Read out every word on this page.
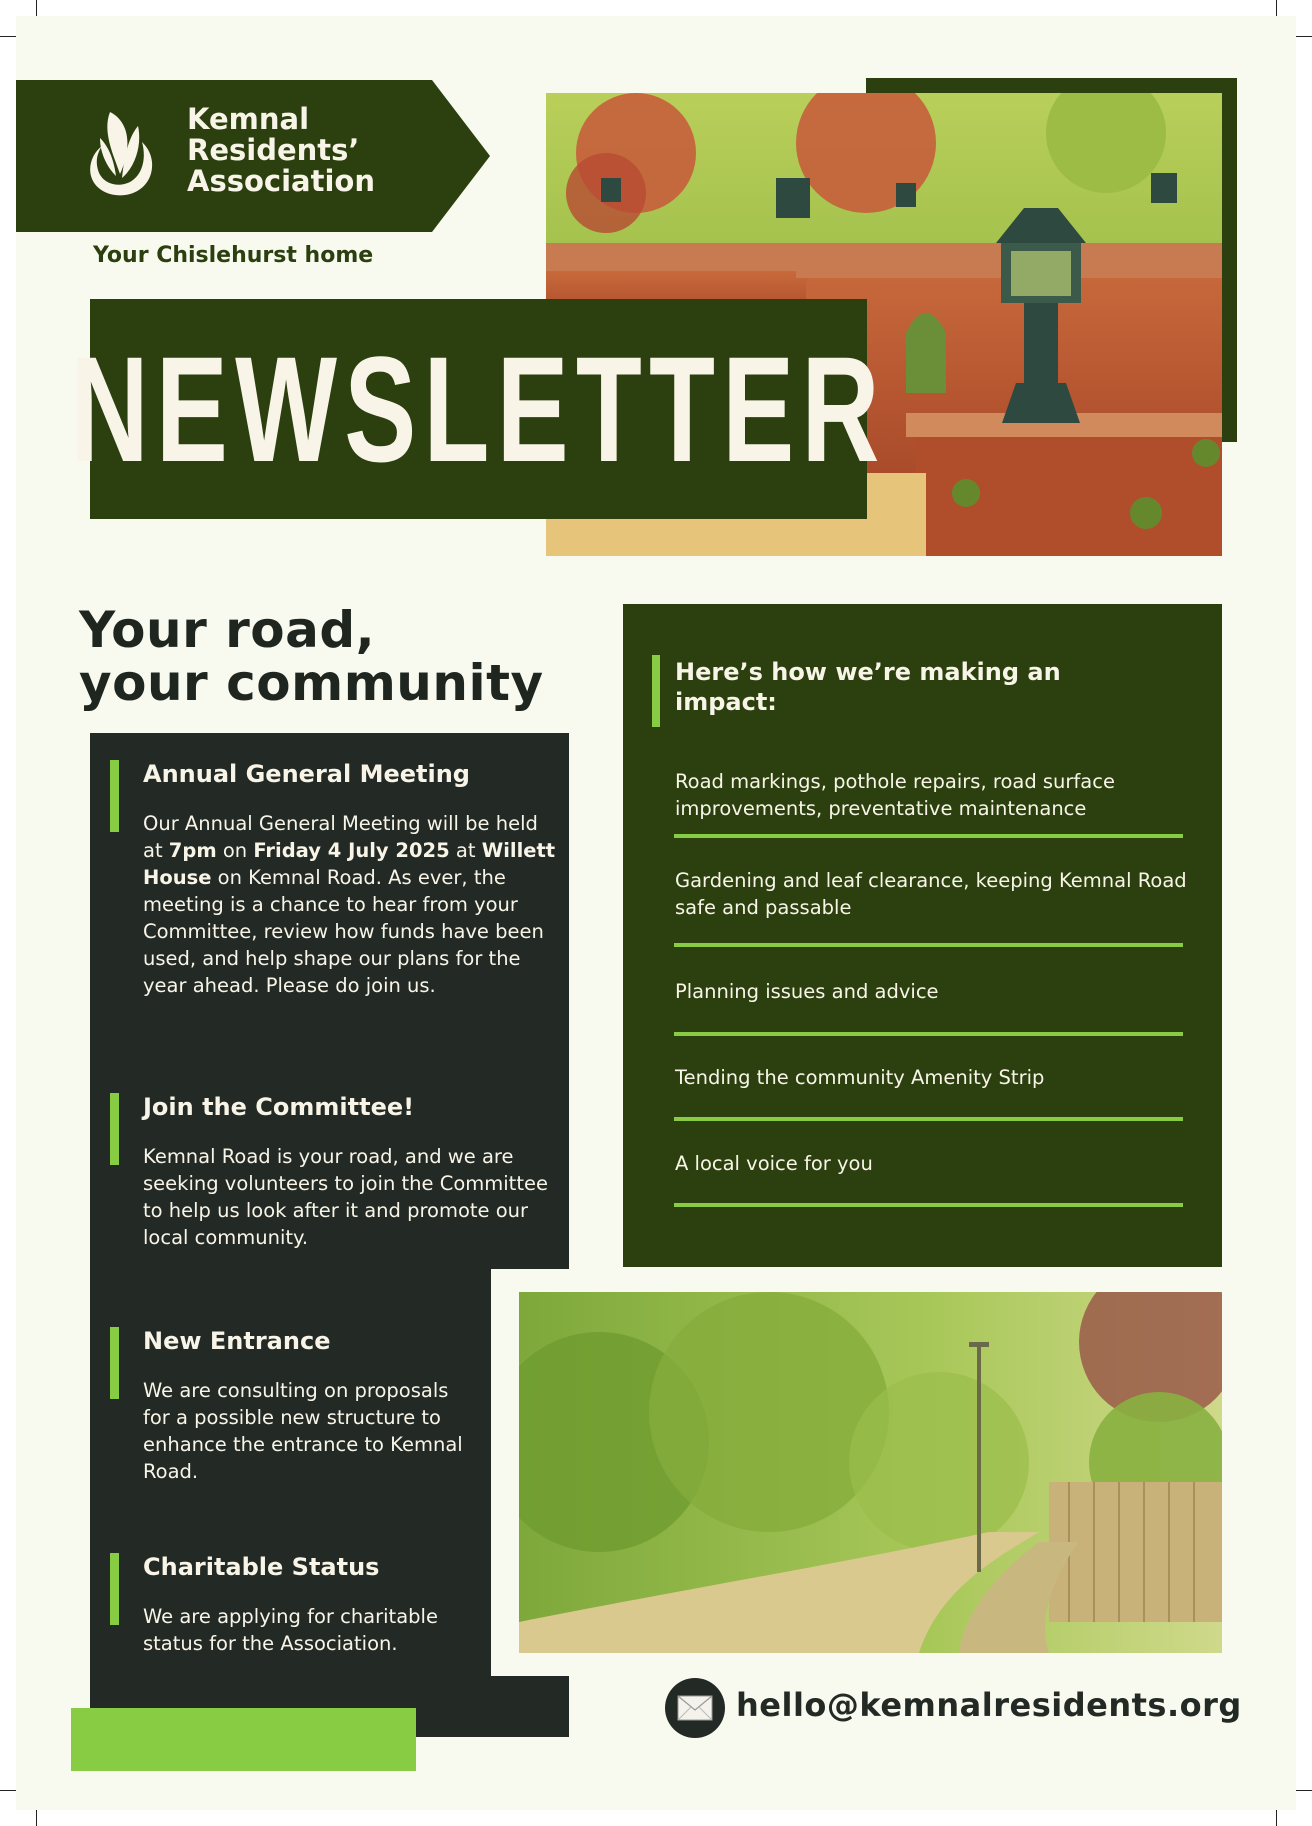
Kemnal
Residents’
Association
Your Chislehurst home
NEWSLETTER
Your road,
your community
Annual General Meeting
Our Annual General Meeting will be held at 7pm on Friday 4 July 2025 at Willett House on Kemnal Road. As ever, the meeting is a chance to hear from your Committee, review how funds have been used, and help shape our plans for the year ahead. Please do join us.
Join the Committee!
Kemnal Road is your road, and we are seeking volunteers to join the Committee to help us look after it and promote our local community.
New Entrance
We are consulting on proposals for a possible new structure to enhance the entrance to Kemnal Road.
Charitable Status
We are applying for charitable status for the Association.
Here’s how we’re making an impact:
Road markings, pothole repairs, road surface improvements, preventative maintenance
Gardening and leaf clearance, keeping Kemnal Road safe and passable
Planning issues and advice
Tending the community Amenity Strip
A local voice for you
hello@kemnalresidents.org
